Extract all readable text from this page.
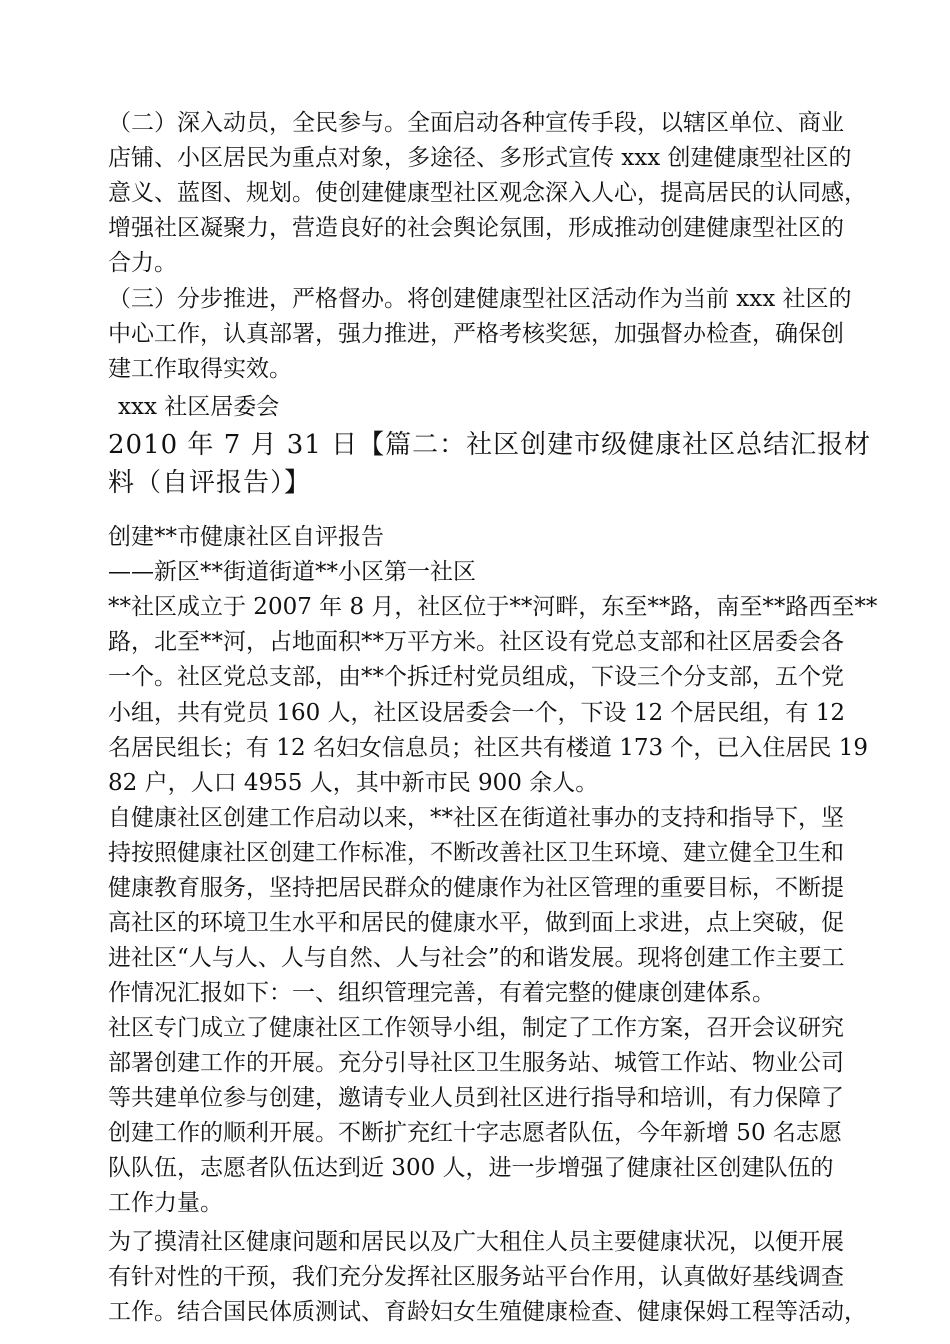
（二）深入动员，全民参与。全面启动各种宣传手段，以辖区单位、商业
店铺、小区居民为重点对象，多途径、多形式宣传 xxx 创建健康型社区的
意义、蓝图、规划。使创建健康型社区观念深入人心，提高居民的认同感，
增强社区凝聚力，营造良好的社会舆论氛围，形成推动创建健康型社区的
合力。
（三）分步推进，严格督办。将创建健康型社区活动作为当前 xxx 社区的
中心工作，认真部署，强力推进，严格考核奖惩，加强督办检查，确保创
建工作取得实效。
xxx 社区居委会
2010 年 7 月 31 日【篇二：社区创建市级健康社区总结汇报材
料（自评报告）】
创建**市健康社区自评报告
——新区**街道街道**小区第一社区
**社区成立于 2007 年 8 月，社区位于**河畔，东至**路，南至**路西至**
路，北至**河，占地面积**万平方米。社区设有党总支部和社区居委会各
一个。社区党总支部，由**个拆迁村党员组成，下设三个分支部，五个党
小组，共有党员 160 人，社区设居委会一个，下设 12 个居民组，有 12
名居民组长；有 12 名妇女信息员；社区共有楼道 173 个，已入住居民 19
82 户，人口 4955 人，其中新市民 900 余人。
自健康社区创建工作启动以来，**社区在街道社事办的支持和指导下，坚
持按照健康社区创建工作标准，不断改善社区卫生环境、建立健全卫生和
健康教育服务，坚持把居民群众的健康作为社区管理的重要目标，不断提
高社区的环境卫生水平和居民的健康水平，做到面上求进，点上突破，促
进社区“人与人、人与自然、人与社会”的和谐发展。现将创建工作主要工
作情况汇报如下：一、组织管理完善，有着完整的健康创建体系。
社区专门成立了健康社区工作领导小组，制定了工作方案，召开会议研究
部署创建工作的开展。充分引导社区卫生服务站、城管工作站、物业公司
等共建单位参与创建，邀请专业人员到社区进行指导和培训，有力保障了
创建工作的顺利开展。不断扩充红十字志愿者队伍，今年新增 50 名志愿
队队伍，志愿者队伍达到近 300 人，进一步增强了健康社区创建队伍的
工作力量。
为了摸清社区健康问题和居民以及广大租住人员主要健康状况，以便开展
有针对性的干预，我们充分发挥社区服务站平台作用，认真做好基线调查
工作。结合国民体质测试、育龄妇女生殖健康检查、健康保姆工程等活动，
